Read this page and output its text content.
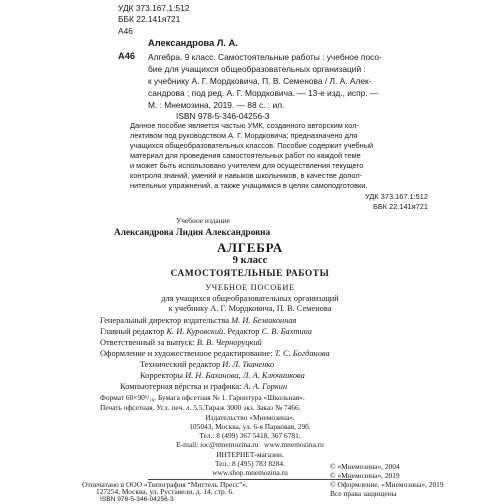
УДК 373.167.1:512
ББК 22.141я721
А46
Александрова Л. А.
А46 Алгебра. 9 класс. Самостоятельные работы : учебное посо-
бие для учащихся общеобразовательных организаций :
к учебнику А. Г. Мордковича, П. В. Семенова / Л. А. Алек-
сандрова ; под ред. А. Г. Мордковича. — 13-е изд., испр. —
М. : Мнемозина, 2019. — 88 с. : ил.
ISBN 978-5-346-04256-3
Данное пособие является частью УМК, созданного авторским кол-
лективом под руководством А. Г. Мордковича; предназначено для
учащихся общеобразовательных классов. Пособие содержит учебный
материал для проведения самостоятельных работ по каждой теме
и может быть использовано учителем для осуществления текущего
контроля знаний, умений и навыков школьников, в качестве допол-
нительных упражнений, а также учащимися в целях самоподготовки.
УДК 373.167.1:512
ББК 22.141я721
Учебное издание
Александрова Лидия Александровна
АЛГЕБРА
9 класс
САМОСТОЯТЕЛЬНЫЕ РАБОТЫ
УЧЕБНОЕ ПОСОБИЕ
для учащихся общеобразовательных организаций
к учебнику А. Г. Мордковича, П. В. Семенова
Генеральный директор издательства М. И. Безвиконная
Главный редактор К. И. Куровский. Редактор С. В. Бахтина
Ответственный за выпуск: В. В. Черноруцкий
Оформление и художественное редактирование: Т. С. Богданова
Технический редактор И. Л. Ткаченко
Корректоры И. Н. Баханова, Л. А. Ключникова
Компьютерная вёрстка и графика: А. А. Горкин
Формат 60×90¹/₁₆. Бумага офсетная № 1. Гарнитура «Школьная».
Печать офсетная. Усл. печ. л. 5,5.Тираж 3000 экз. Заказ № 7466.
Издательство «Мнемозина».
105043, Москва, ул. 6-я Парковая, 29б.
Тел.: 8 (499) 367 5418, 367 6781.
E-mail: ioc@mnemozina.ru   www.mnemozina.ru
ИНТЕРНЕТ-магазин.
Тел.: 8 (495) 783 8284.
www.shop.mnemozina.ru
Отпечатано в ООО «Типография “Миттель Пресс”».
127254, Москва, ул. Руставели, д. 14, стр. 6.
ISBN 978-5-346-04256-3
© «Мнемозина», 2004
© «Мнемозина», 2019
© Оформление. «Мнемозина», 2019
Все права защищены
